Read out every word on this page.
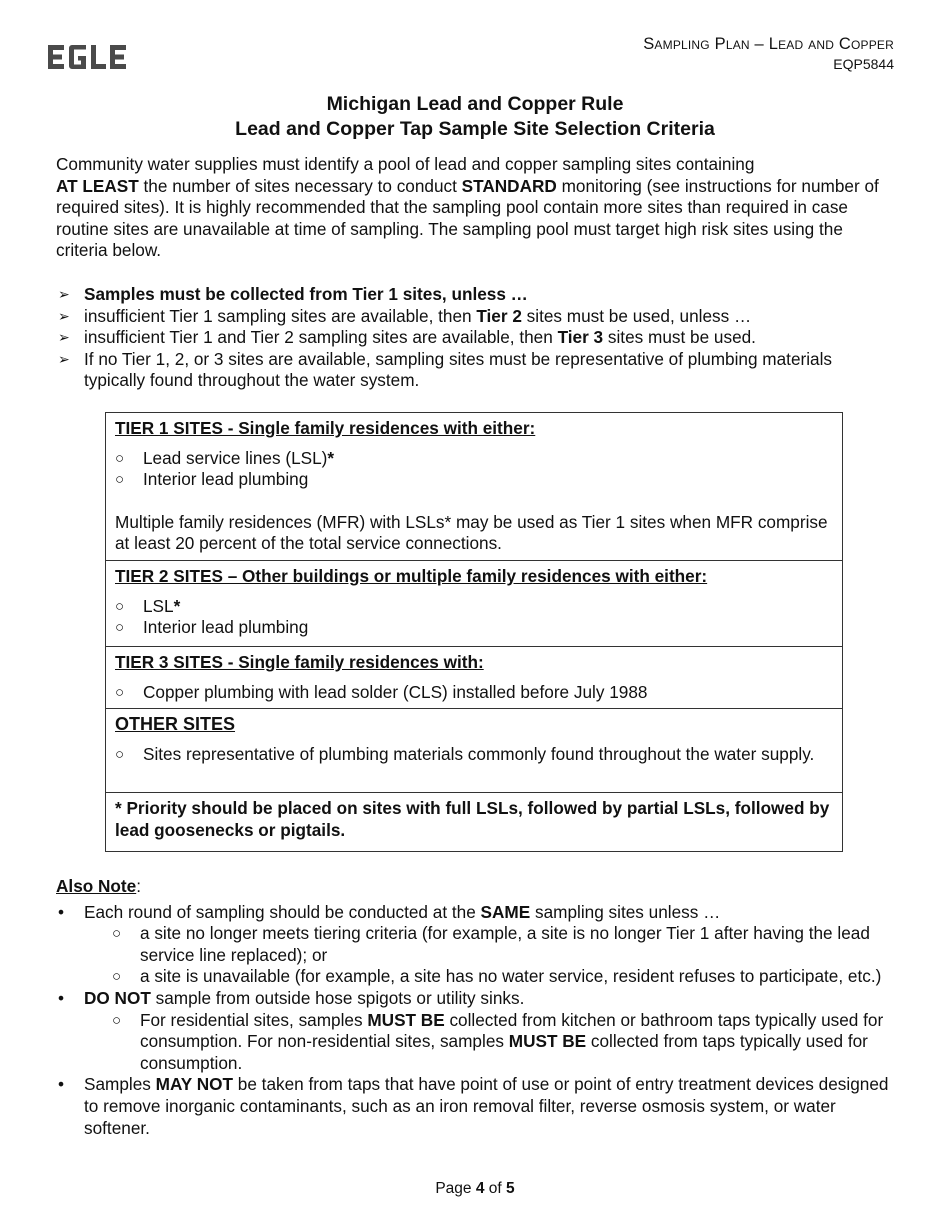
Sampling Plan – Lead and Copper
EQP5844
Michigan Lead and Copper Rule
Lead and Copper Tap Sample Site Selection Criteria
Community water supplies must identify a pool of lead and copper sampling sites containing
AT LEAST the number of sites necessary to conduct STANDARD monitoring (see instructions for number of required sites). It is highly recommended that the sampling pool contain more sites than required in case routine sites are unavailable at time of sampling. The sampling pool must target high risk sites using the criteria below.
➢ Samples must be collected from Tier 1 sites, unless …
➢ insufficient Tier 1 sampling sites are available, then Tier 2 sites must be used, unless …
➢ insufficient Tier 1 and Tier 2 sampling sites are available, then Tier 3 sites must be used.
➢ If no Tier 1, 2, or 3 sites are available, sampling sites must be representative of plumbing materials typically found throughout the water system.
TIER 1 SITES - Single family residences with either:
○ Lead service lines (LSL)*
○ Interior lead plumbing
Multiple family residences (MFR) with LSLs* may be used as Tier 1 sites when MFR comprise at least 20 percent of the total service connections.
TIER 2 SITES – Other buildings or multiple family residences with either:
○ LSL*
○ Interior lead plumbing
TIER 3 SITES - Single family residences with:
○ Copper plumbing with lead solder (CLS) installed before July 1988
OTHER SITES
○ Sites representative of plumbing materials commonly found throughout the water supply.
* Priority should be placed on sites with full LSLs, followed by partial LSLs, followed by lead goosenecks or pigtails.
Also Note:
• Each round of sampling should be conducted at the SAME sampling sites unless …
○ a site no longer meets tiering criteria (for example, a site is no longer Tier 1 after having the lead service line replaced); or
○ a site is unavailable (for example, a site has no water service, resident refuses to participate, etc.)
• DO NOT sample from outside hose spigots or utility sinks.
○ For residential sites, samples MUST BE collected from kitchen or bathroom taps typically used for consumption. For non-residential sites, samples MUST BE collected from taps typically used for consumption.
• Samples MAY NOT be taken from taps that have point of use or point of entry treatment devices designed to remove inorganic contaminants, such as an iron removal filter, reverse osmosis system, or water softener.
Page 4 of 5
